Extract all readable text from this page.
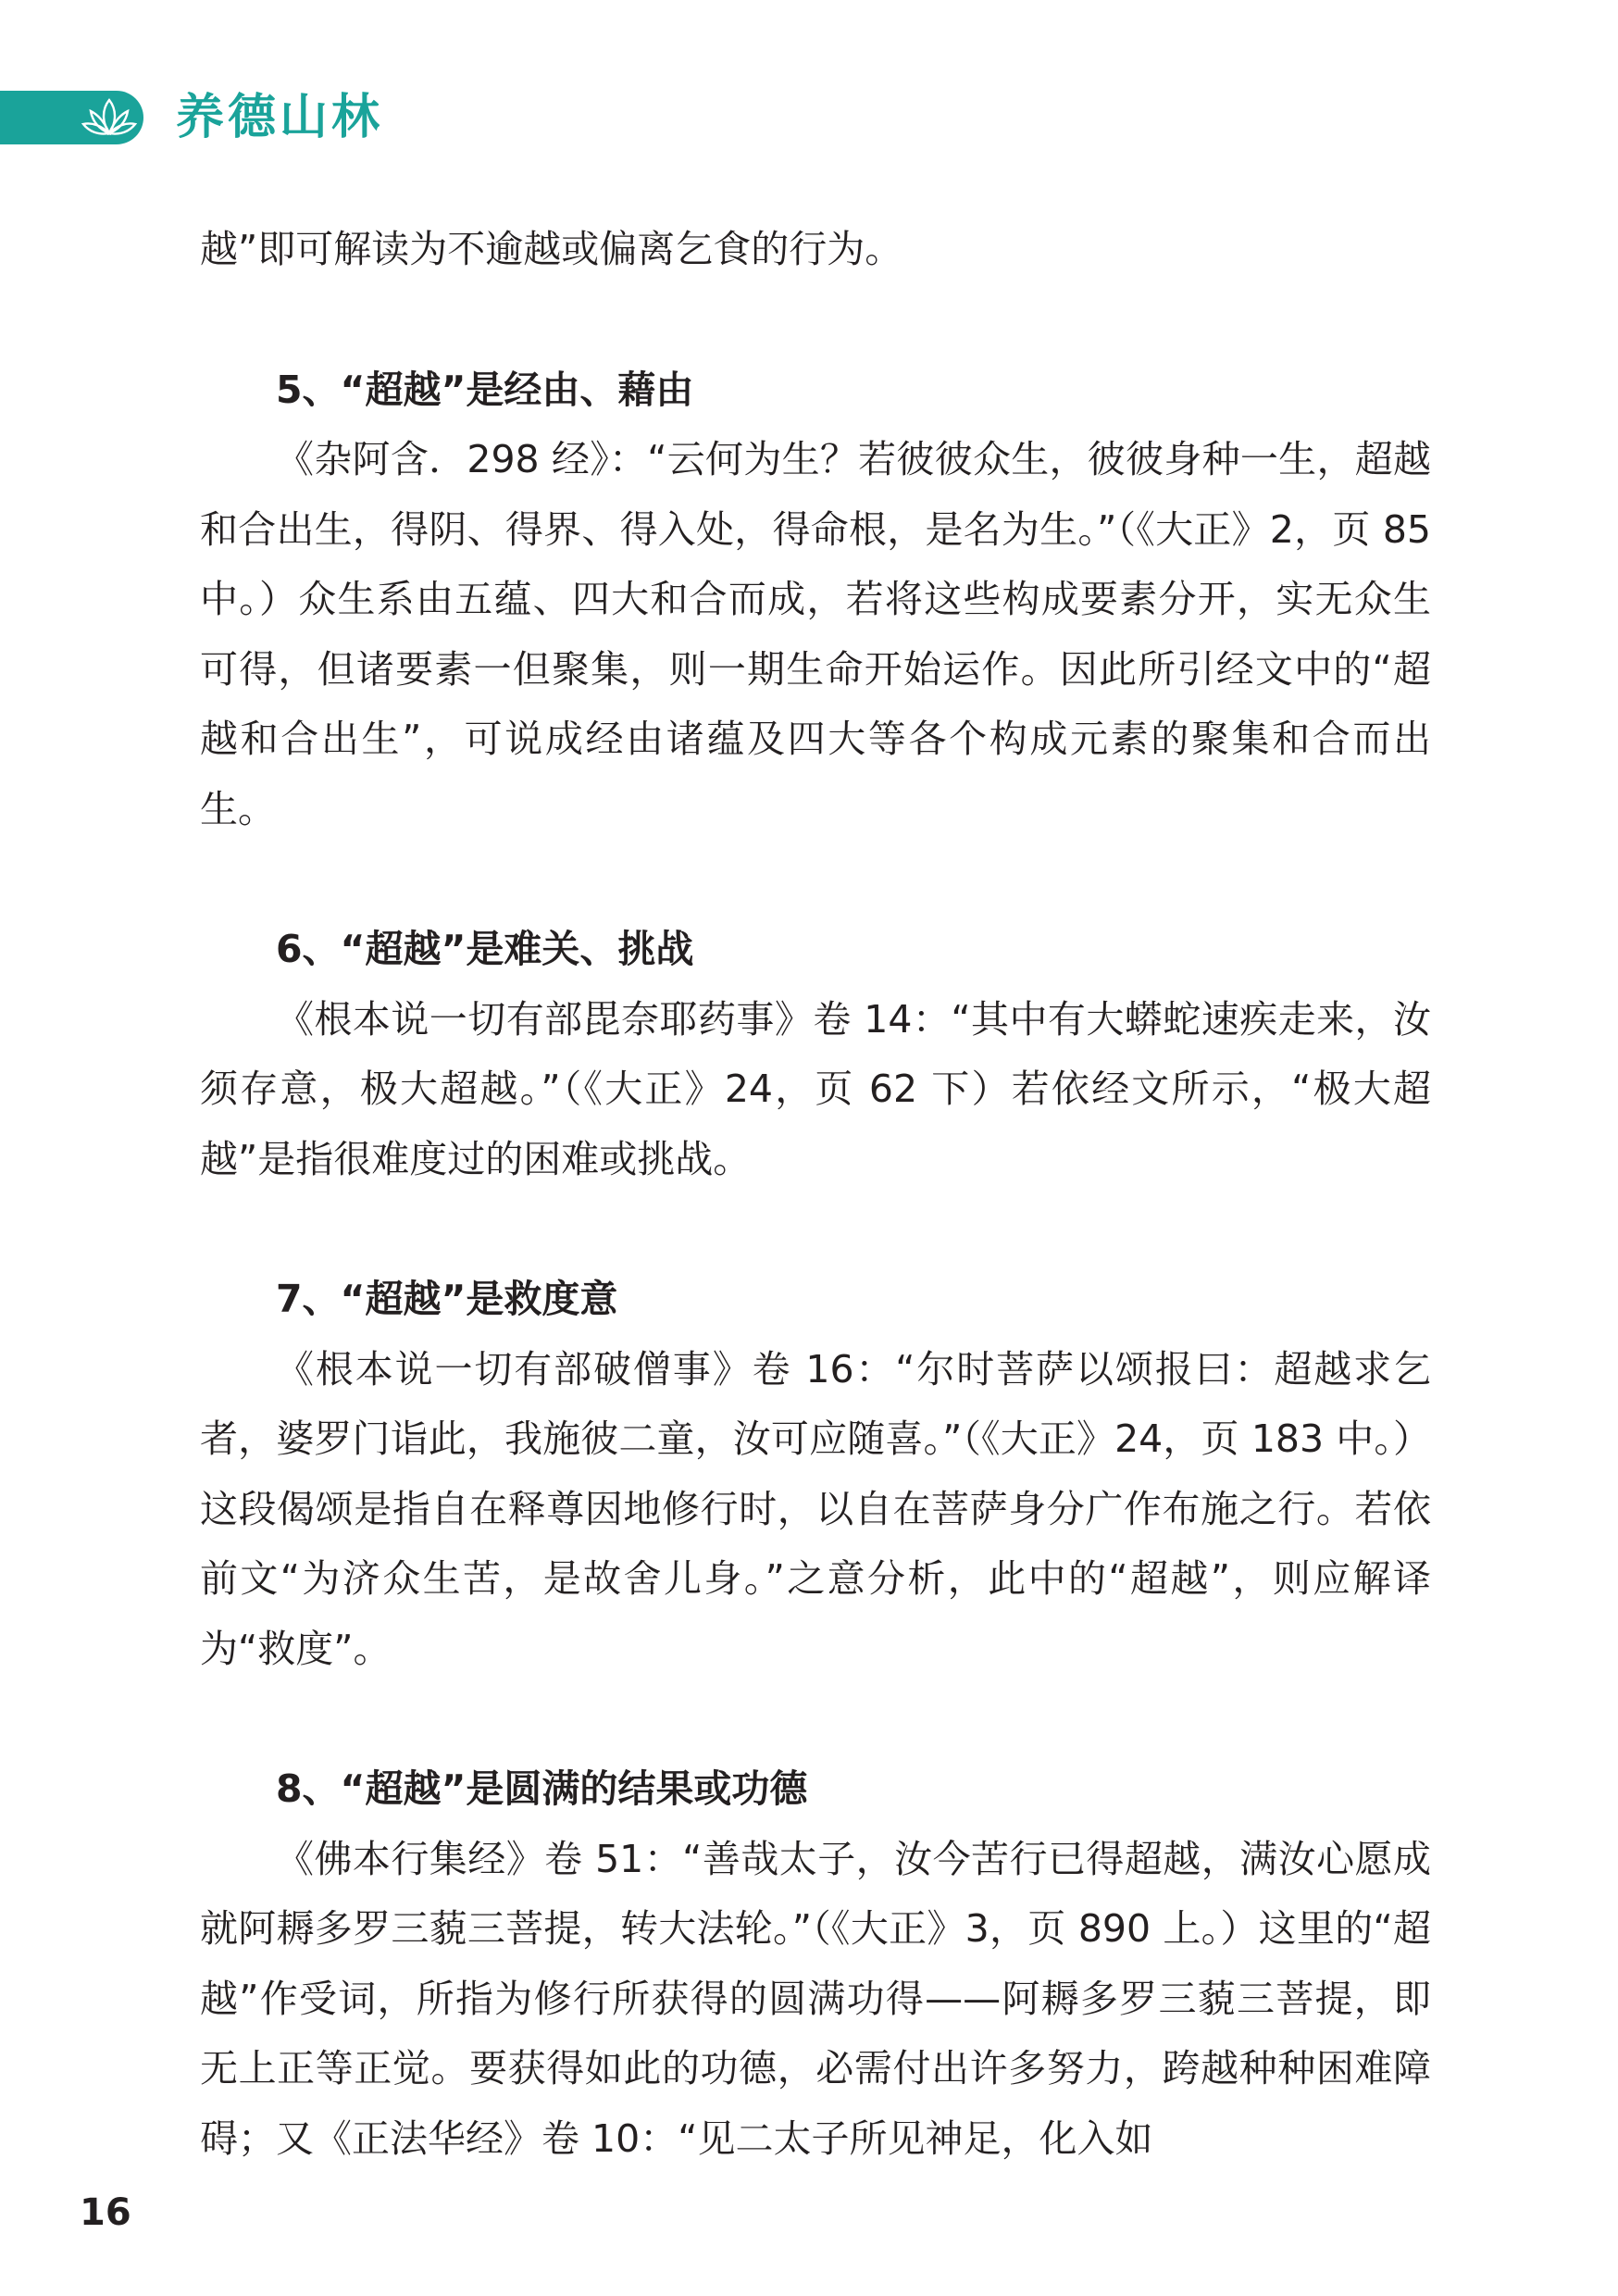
养德山林

越”即可解读为不逾越或偏离乞食的行为。

5、“超越”是经由、藉由

《杂阿含．298 经》：“云何为生？若彼彼众生，彼彼身种一生，超越和合出生，得阴、得界、得入处，得命根，是名为生。”（《大正》2，页 85 中。）众生系由五蕴、四大和合而成，若将这些构成要素分开，实无众生可得，但诸要素一但聚集，则一期生命开始运作。因此所引经文中的“超越和合出生”，可说成经由诸蕴及四大等各个构成元素的聚集和合而出生。

6、“超越”是难关、挑战

《根本说一切有部毘奈耶药事》卷 14：“其中有大蟒蛇速疾走来，汝须存意，极大超越。”（《大正》24，页 62 下）若依经文所示，“极大超越”是指很难度过的困难或挑战。

7、“超越”是救度意

《根本说一切有部破僧事》卷 16：“尔时菩萨以颂报曰：超越求乞者，婆罗门诣此，我施彼二童，汝可应随喜。”（《大正》24，页 183 中。）这段偈颂是指自在释尊因地修行时，以自在菩萨身分广作布施之行。若依前文“为济众生苦，是故舍儿身。”之意分析，此中的“超越”，则应解译为“救度”。

8、“超越”是圆满的结果或功德

《佛本行集经》卷 51：“善哉太子，汝今苦行已得超越，满汝心愿成就阿耨多罗三藐三菩提，转大法轮。”（《大正》3，页 890 上。）这里的“超越”作受词，所指为修行所获得的圆满功得——阿耨多罗三藐三菩提，即无上正等正觉。要获得如此的功德，必需付出许多努力，跨越种种困难障碍；又《正法华经》卷 10：“见二太子所见神足，化入如

16
